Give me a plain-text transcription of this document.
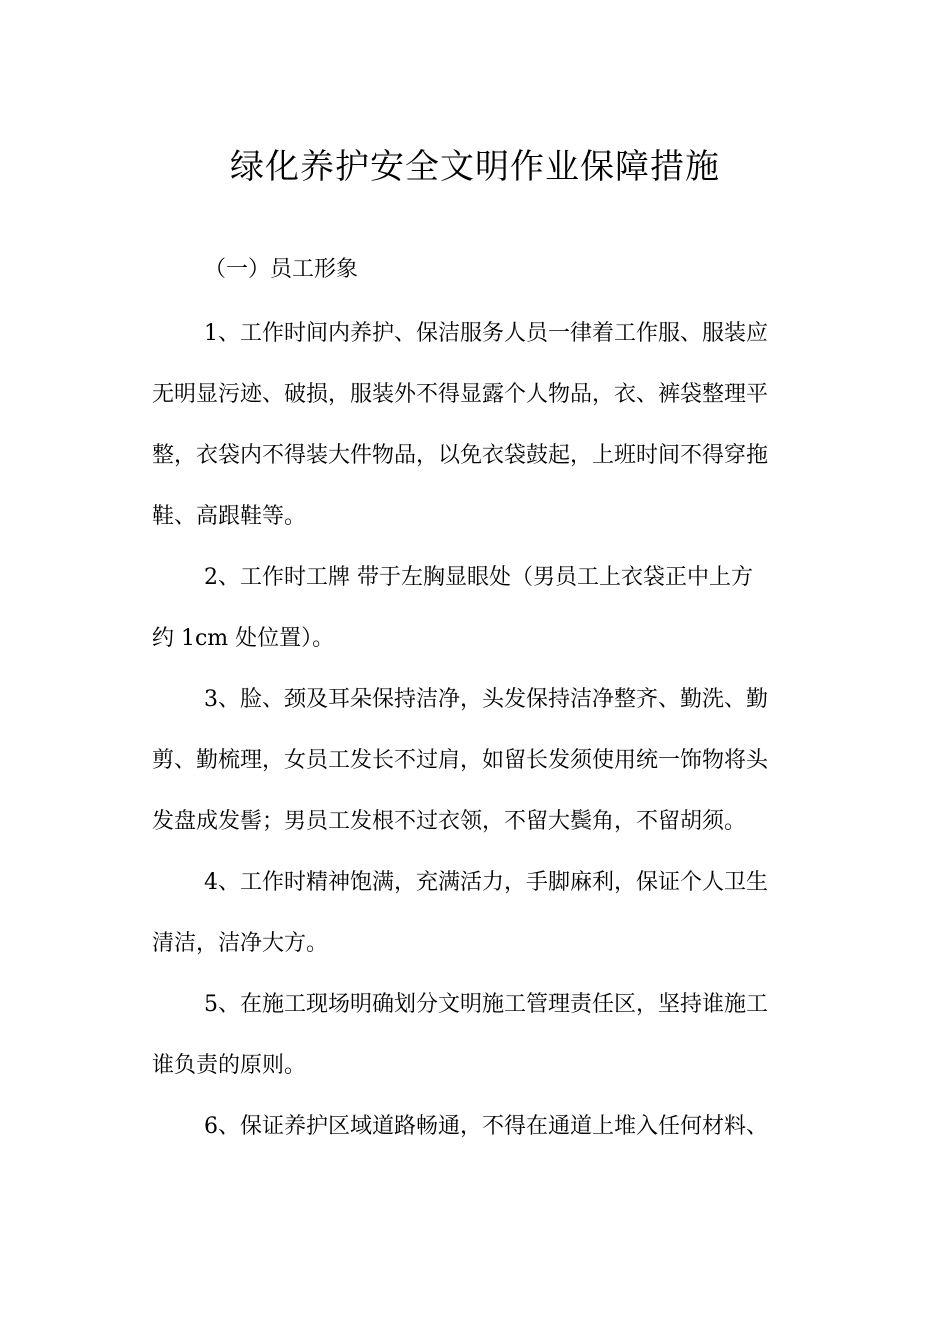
绿化养护安全文明作业保障措施
（一）员工形象
1、工作时间内养护、保洁服务人员一律着工作服、服装应
无明显污迹、破损，服装外不得显露个人物品，衣、裤袋整理平
整，衣袋内不得装大件物品，以免衣袋鼓起，上班时间不得穿拖
鞋、高跟鞋等。
2、工作时工牌 带于左胸显眼处（男员工上衣袋正中上方
约 1cm 处位置）。
3、脸、颈及耳朵保持洁净，头发保持洁净整齐、勤洗、勤
剪、勤梳理，女员工发长不过肩，如留长发须使用统一饰物将头
发盘成发髻；男员工发根不过衣领，不留大鬓角，不留胡须。
4、工作时精神饱满，充满活力，手脚麻利，保证个人卫生
清洁，洁净大方。
5、在施工现场明确划分文明施工管理责任区，坚持谁施工
谁负责的原则。
6、保证养护区域道路畅通，不得在通道上堆入任何材料、
